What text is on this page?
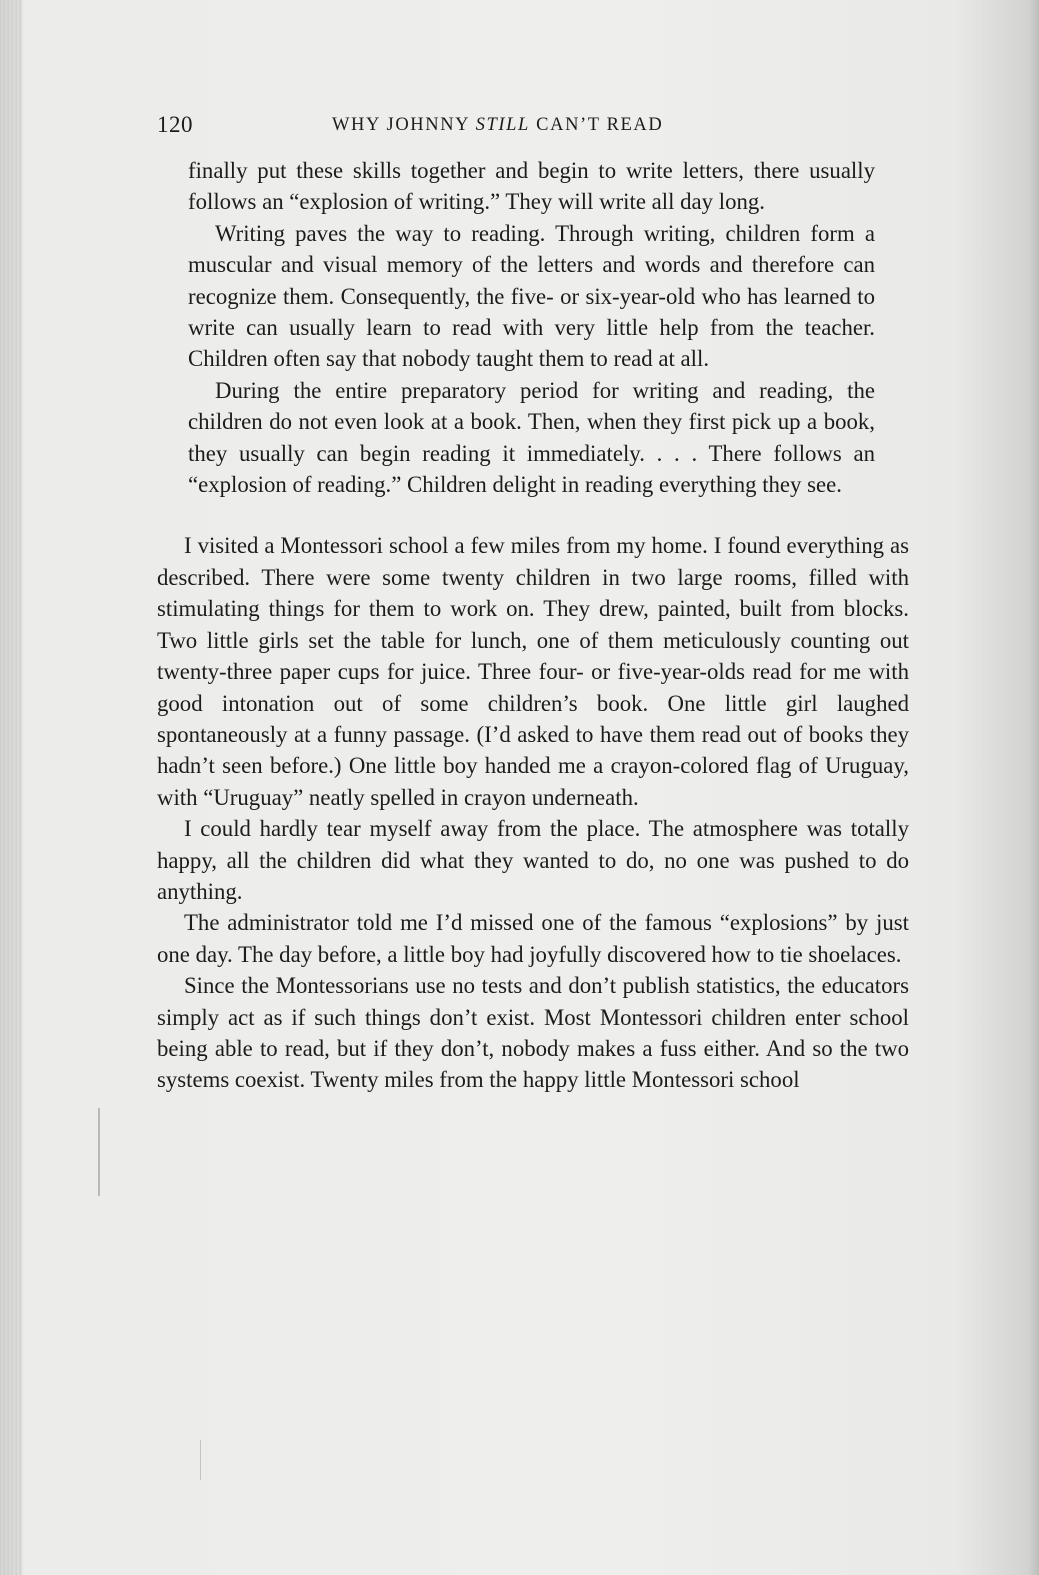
120	WHY JOHNNY STILL CAN’T READ

finally put these skills together and begin to write letters, there usually follows an “explosion of writing.” They will write all day long.

Writing paves the way to reading. Through writing, children form a muscular and visual memory of the letters and words and therefore can recognize them. Consequently, the five- or six-year-old who has learned to write can usually learn to read with very little help from the teacher. Children often say that nobody taught them to read at all.

During the entire preparatory period for writing and reading, the children do not even look at a book. Then, when they first pick up a book, they usually can begin reading it immediately. . . . There follows an “explosion of reading.” Children delight in reading everything they see.

I visited a Montessori school a few miles from my home. I found everything as described. There were some twenty children in two large rooms, filled with stimulating things for them to work on. They drew, painted, built from blocks. Two little girls set the table for lunch, one of them meticulously counting out twenty-three paper cups for juice. Three four- or five-year-olds read for me with good intonation out of some children’s book. One little girl laughed spontaneously at a funny passage. (I’d asked to have them read out of books they hadn’t seen before.) One little boy handed me a crayon-colored flag of Uruguay, with “Uruguay” neatly spelled in crayon underneath.

I could hardly tear myself away from the place. The atmosphere was totally happy, all the children did what they wanted to do, no one was pushed to do anything.

The administrator told me I’d missed one of the famous “explosions” by just one day. The day before, a little boy had joyfully discovered how to tie shoelaces.

Since the Montessorians use no tests and don’t publish statistics, the educators simply act as if such things don’t exist. Most Montessori children enter school being able to read, but if they don’t, nobody makes a fuss either. And so the two systems coexist. Twenty miles from the happy little Montessori school
